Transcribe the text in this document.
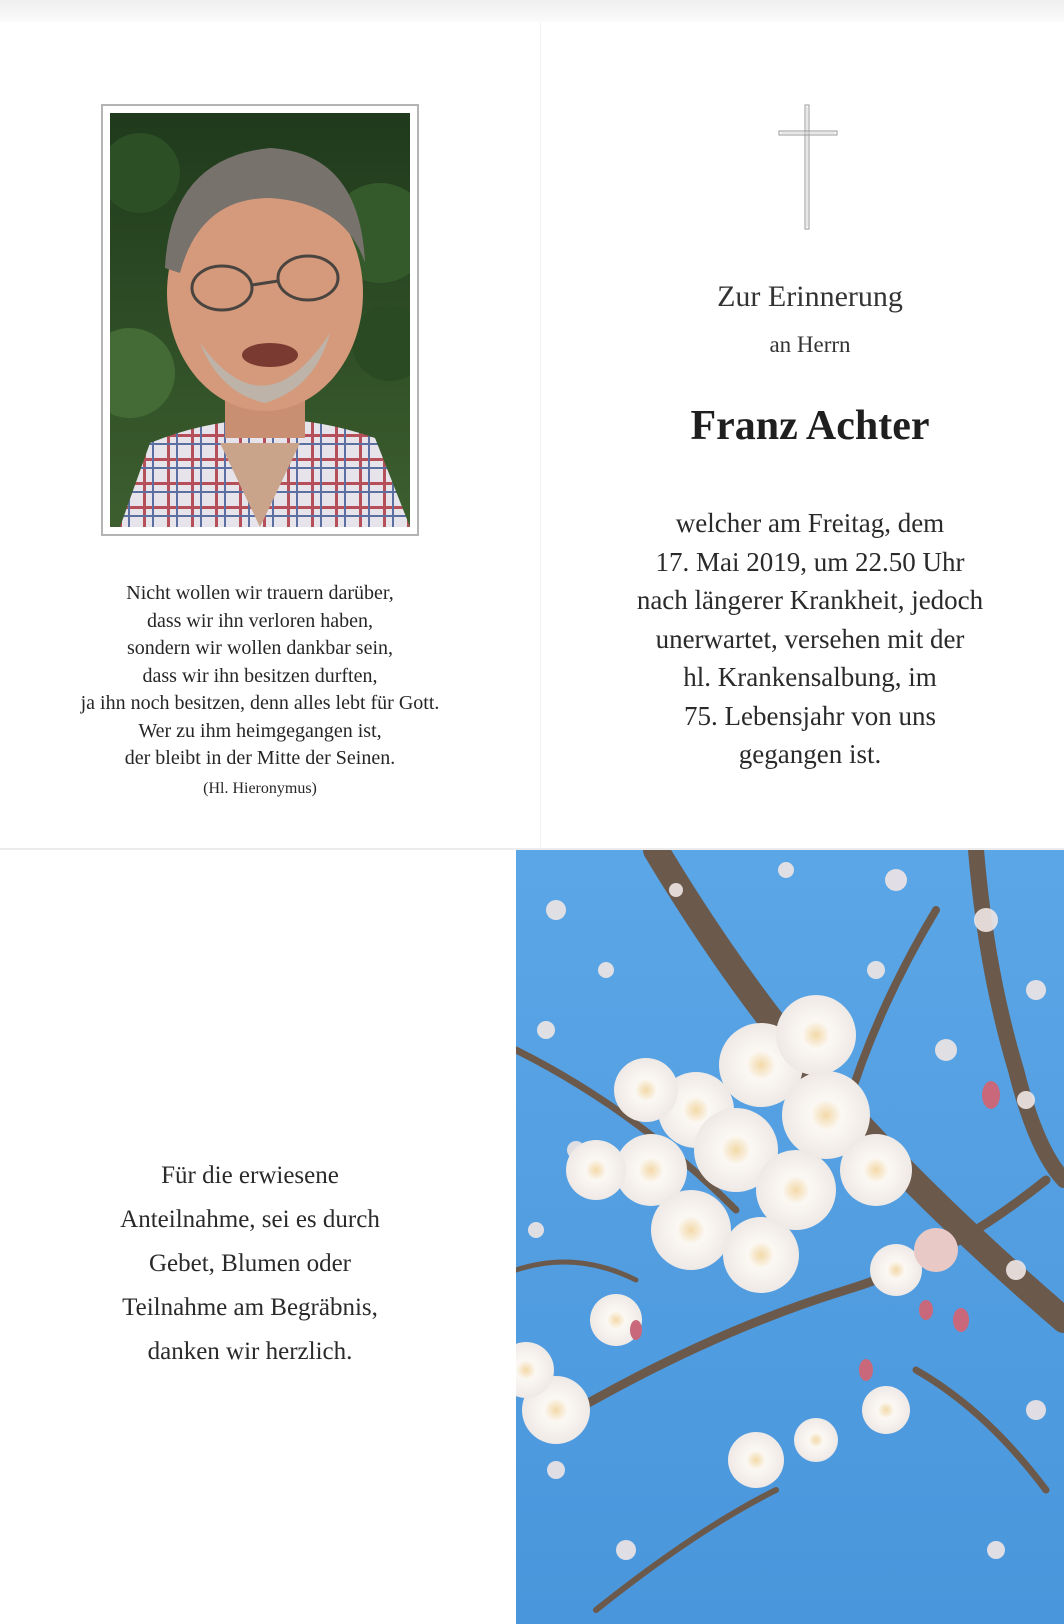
Nicht wollen wir trauern darüber,
dass wir ihn verloren haben,
sondern wir wollen dankbar sein,
dass wir ihn besitzen durften,
ja ihn noch besitzen, denn alles lebt für Gott.
Wer zu ihm heimgegangen ist,
der bleibt in der Mitte der Seinen.
(Hl. Hieronymus)
Zur Erinnerung
an Herrn
Franz Achter
welcher am Freitag, dem
17. Mai 2019, um 22.50 Uhr
nach längerer Krankheit, jedoch
unerwartet, versehen mit der
hl. Krankensalbung, im
75. Lebensjahr von uns
gegangen ist.
Für die erwiesene
Anteilnahme, sei es durch
Gebet, Blumen oder
Teilnahme am Begräbnis,
danken wir herzlich.
